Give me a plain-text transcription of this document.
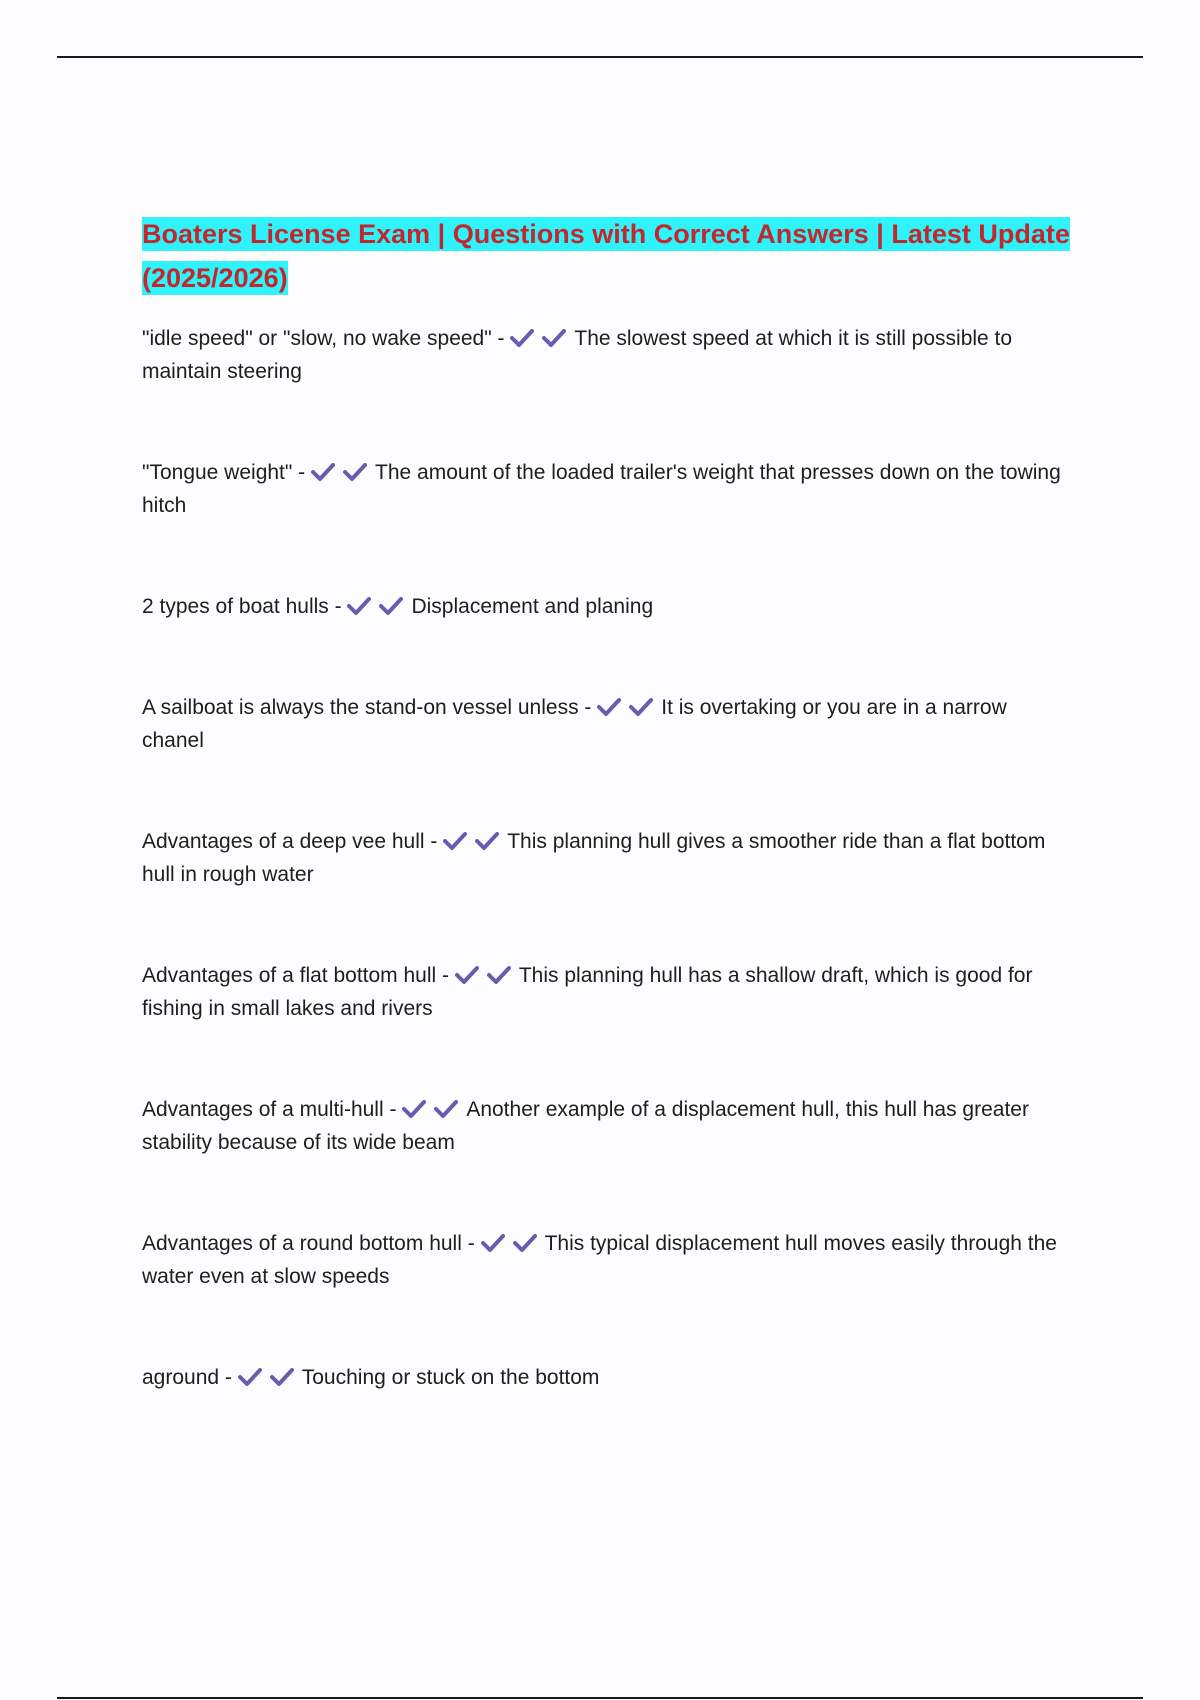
Boaters License Exam | Questions with Correct Answers | Latest Update (2025/2026)

"idle speed" or "slow, no wake speed" -	The slowest speed at which it is still possible to maintain steering

"Tongue weight" -	The amount of the loaded trailer's weight that presses down on the towing hitch

2 types of boat hulls -	Displacement and planing

A sailboat is always the stand-on vessel unless -	It is overtaking or you are in a narrow chanel

Advantages of a deep vee hull -	This planning hull gives a smoother ride than a flat bottom hull in rough water

Advantages of a flat bottom hull -	This planning hull has a shallow draft, which is good for fishing in small lakes and rivers

Advantages of a multi-hull -	Another example of a displacement hull, this hull has greater stability because of its wide beam

Advantages of a round bottom hull -	This typical displacement hull moves easily through the water even at slow speeds

aground -	Touching or stuck on the bottom
